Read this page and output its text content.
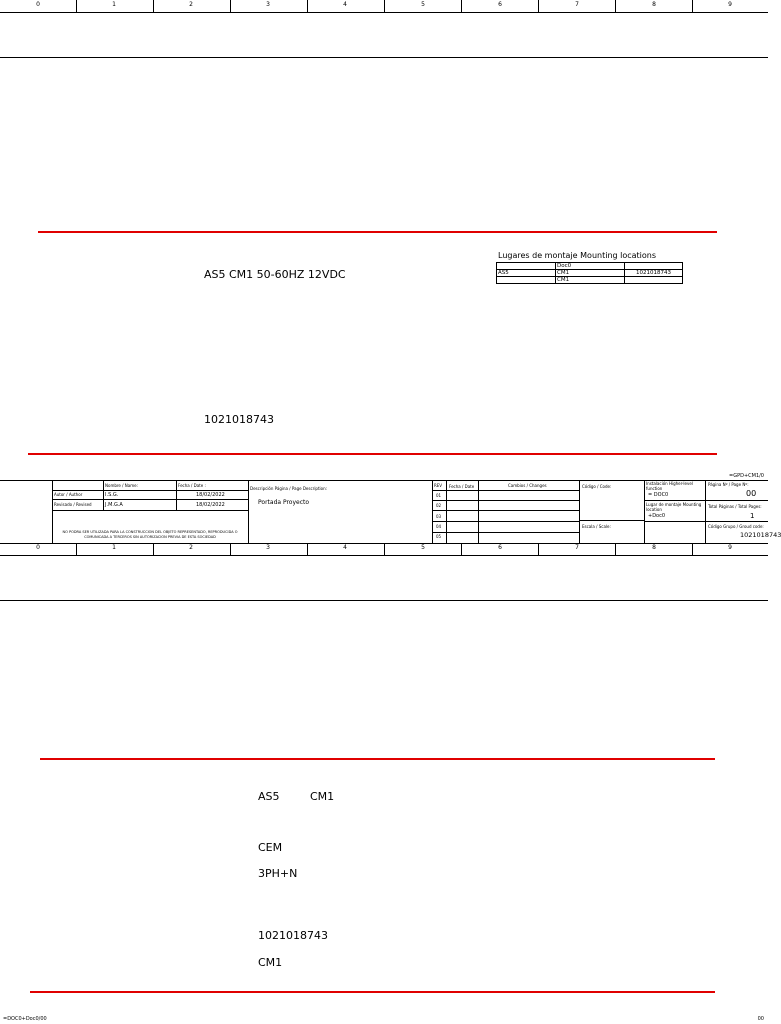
0	1	2	3	4	5	6	7	8	9
AS5 CM1 50-60HZ 12VDC
Lugares de montaje Mounting locations
	Doc0	
AS5	CM1	1021018743
	CM1	
1021018743
=GPD+CM1/0
Nombre / Name:	Fecha / Date :
Autor / Author	I.S.G.	18/02/2022
Revisado / Revised	J.M.G.A	18/02/2022
NO PODRA SER UTILIZADA PARA LA CONSTRUCCION DEL OBJETO REPRESENTADO, REPRODUCIDA O COMUNICADA A TERCEROS SIN AUTORIZACION PREVIA DE ESTA SOCIEDAD
Descripción Página / Page Description:
Portada Proyecto
REV Fecha / Date	Cambios / Changes
01
02
03
04
05
Código / Code:
Escala / Scale:
Instalación Higher-level function
= DOC0
Lugar de montaje Mounting location
+Doc0
Página Nº / Page Nº:
00
Total Páginas / Total Pages:
1
Código Grupo / Groud code:
1021018743
0	1	2	3	4	5	6	7	8	9
AS5	CM1
CEM
3PH+N
1021018743
CM1
=DOC0+Doc0/00	00
